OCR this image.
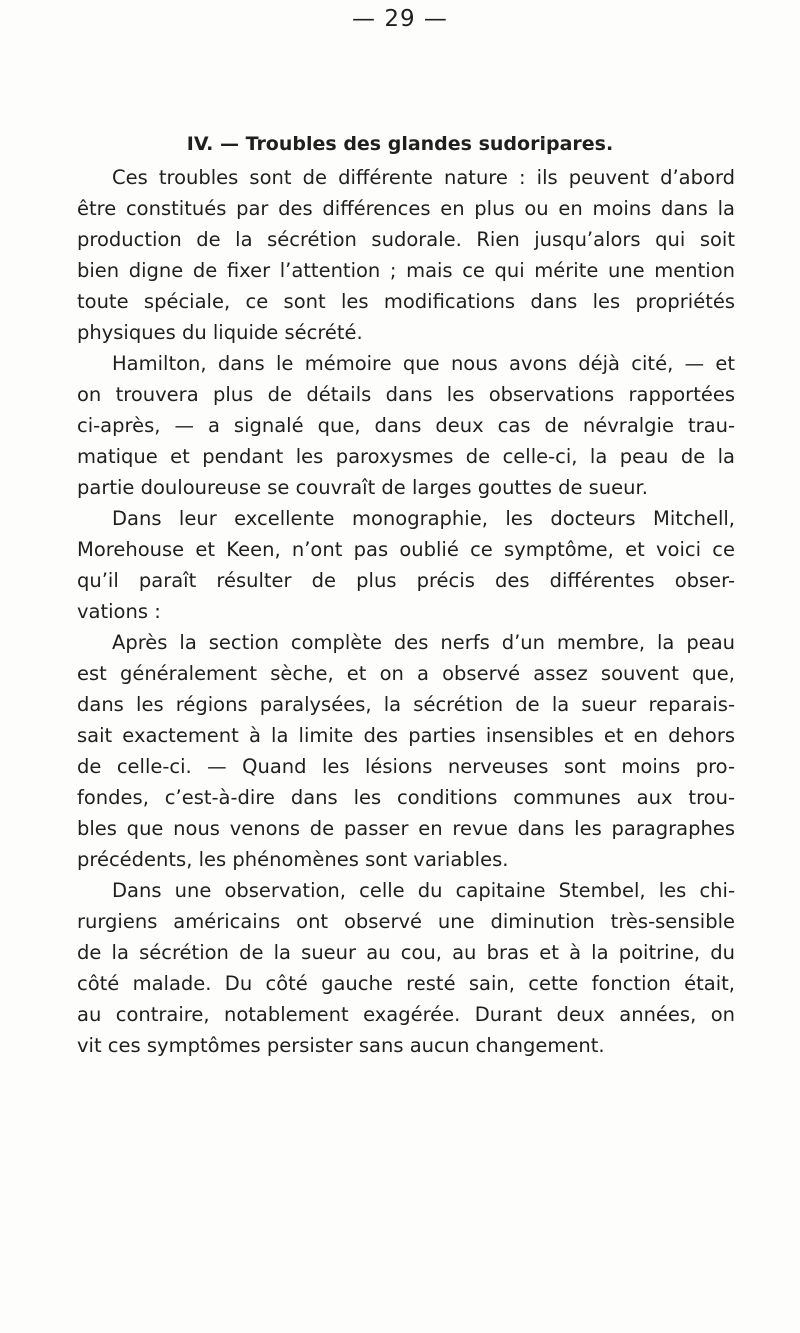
— 29 —
IV. — Troubles des glandes sudoripares.
Ces troubles sont de différente nature : ils peuvent d’abord
être constitués par des différences en plus ou en moins dans la
production de la sécrétion sudorale. Rien jusqu’alors qui soit
bien digne de fixer l’attention ; mais ce qui mérite une mention
toute spéciale, ce sont les modifications dans les propriétés
physiques du liquide sécrété.
Hamilton, dans le mémoire que nous avons déjà cité, — et
on trouvera plus de détails dans les observations rapportées
ci-après, — a signalé que, dans deux cas de névralgie trau-
matique et pendant les paroxysmes de celle-ci, la peau de la
partie douloureuse se couvraît de larges gouttes de sueur.
Dans leur excellente monographie, les docteurs Mitchell,
Morehouse et Keen, n’ont pas oublié ce symptôme, et voici ce
qu’il paraît résulter de plus précis des différentes obser-
vations :
Après la section complète des nerfs d’un membre, la peau
est généralement sèche, et on a observé assez souvent que,
dans les régions paralysées, la sécrétion de la sueur reparais-
sait exactement à la limite des parties insensibles et en dehors
de celle-ci. — Quand les lésions nerveuses sont moins pro-
fondes, c’est-à-dire dans les conditions communes aux trou-
bles que nous venons de passer en revue dans les paragraphes
précédents, les phénomènes sont variables.
Dans une observation, celle du capitaine Stembel, les chi-
rurgiens américains ont observé une diminution très-sensible
de la sécrétion de la sueur au cou, au bras et à la poitrine, du
côté malade. Du côté gauche resté sain, cette fonction était,
au contraire, notablement exagérée. Durant deux années, on
vit ces symptômes persister sans aucun changement.
